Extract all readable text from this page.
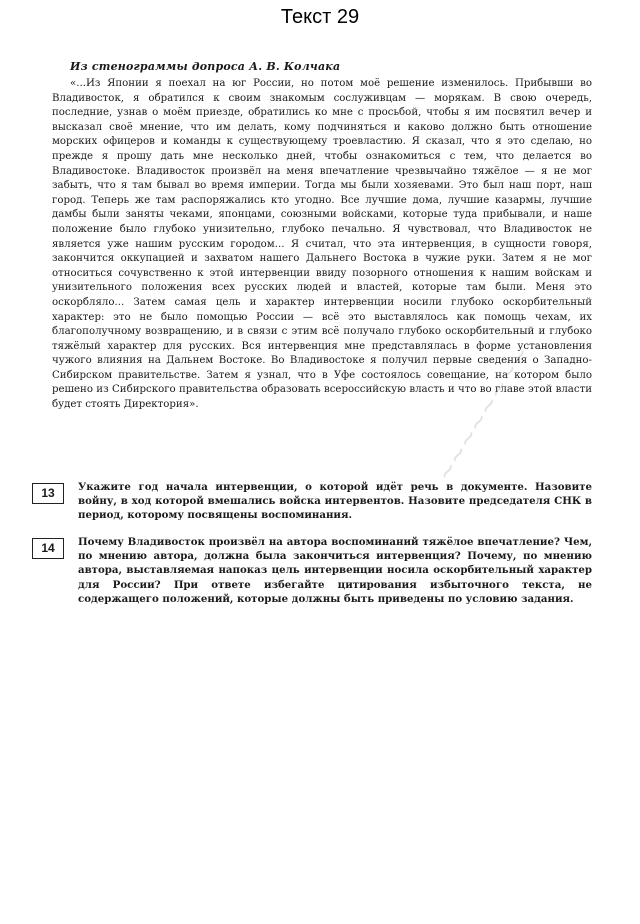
Текст 29

Из стенограммы допроса А. В. Колчака

«...Из Японии я поехал на юг России, но потом моё решение изменилось. Прибывши во Владивосток, я обратился к своим знакомым сослуживцам — морякам. В свою очередь, последние, узнав о моём приезде, обратились ко мне с просьбой, чтобы я им посвятил вечер и высказал своё мнение, что им делать, кому подчиняться и каково должно быть отношение морских офицеров и команды к существующему троевластию. Я сказал, что я это сделаю, но прежде я прошу дать мне несколько дней, чтобы ознакомиться с тем, что делается во Владивостоке. Владивосток произвёл на меня впечатление чрезвычайно тяжёлое — я не мог забыть, что я там бывал во время империи. Тогда мы были хозяевами. Это был наш порт, наш город. Теперь же там распоряжались кто угодно. Все лучшие дома, лучшие казармы, лучшие дамбы были заняты чеками, японцами, союзными войсками, которые туда прибывали, и наше положение было глубоко унизительно, глубоко печально. Я чувствовал, что Владивосток не является уже нашим русским городом... Я считал, что эта интервенция, в сущности говоря, закончится оккупацией и захватом нашего Дальнего Востока в чужие руки. Затем я не мог относиться сочувственно к этой интервенции ввиду позорного отношения к нашим войскам и унизительного положения всех русских людей и властей, которые там были. Меня это оскорбляло... Затем самая цель и характер интервенции носили глубоко оскорбительный характер: это не было помощью России — всё это выставлялось как помощь чехам, их благополучному возвращению, и в связи с этим всё получало глубоко оскорбительный и глубоко тяжёлый характер для русских. Вся интервенция мне представлялась в форме установления чужого влияния на Дальнем Востоке. Во Владивостоке я получил первые сведения о Западно-Сибирском правительстве. Затем я узнал, что в Уфе состоялось совещание, на котором было решено из Сибирского правительства образовать всероссийскую власть и что во главе этой власти будет стоять Директория».

13	Укажите год начала интервенции, о которой идёт речь в документе. Назовите войну, в ход которой вмешались войска интервентов. Назовите председателя СНК в период, которому посвящены воспоминания.
14	Почему Владивосток произвёл на автора воспоминаний тяжёлое впечатление? Чем, по мнению автора, должна была закончиться интервенция? Почему, по мнению автора, выставляемая напоказ цель интервенции носила оскорбительный характер для России? При ответе избегайте цитирования избыточного текста, не содержащего положений, которые должны быть приведены по условию задания.
~~~~~~~~
